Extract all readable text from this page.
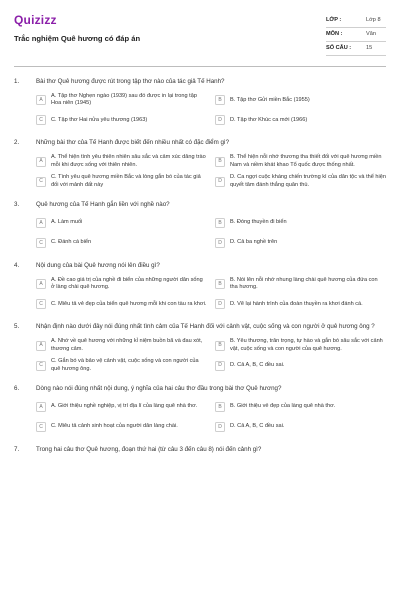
Quizizz
Trắc nghiệm Quê hương có đáp án
LỚP :	Lớp 8
MÔN :	Văn
SỐ CÂU :	15
1.	Bài thơ Quê hương được rút trong tập thơ nào của tác giả Tế Hanh?
A
A. Tập thơ Nghẹn ngào (1939) sau đó được in lại trong tập Hoa niên (1945)
B	B. Tập thơ Gửi miền Bắc (1955)
C	C. Tập thơ Hai nửa yêu thương (1963)	D	D. Tập thơ Khúc ca mới (1966)
2.	Những bài thơ của Tế Hanh được biết đến nhiều nhất có đặc điểm gì?
A
A. Thể hiện tình yêu thiên nhiên sâu sắc và cảm xúc dâng trào mỗi khi được sống với thiên nhiên.
B
B. Thể hiện nỗi nhớ thương tha thiết đối với quê hương miền Nam và niềm khát khao Tổ quốc được thống nhất.
C
C. Tình yêu quê hương miền Bắc và lòng gắn bó của tác giả đối với mảnh đất này
D
D. Ca ngợi cuộc kháng chiến trường kì của dân tộc và thể hiện quyết tâm đánh thắng quân thù.
3.	Quê hương của Tế Hanh gắn liền với nghề nào?
A	A. Làm muối	B	B. Đóng thuyền đi biển
C	C. Đánh cá biển	D	D. Cả ba nghề trên
4.	Nội dung của bài Quê hương nói lên điều gì?
A
A. Đề cao giá trị của nghề đi biển của những người dân sống ở làng chài quê hương.
B
B. Nói lên nỗi nhớ nhung làng chài quê hương của đứa con tha hương.
C	C. Miêu tả vẻ đẹp của biển quê hương mỗi khi con tàu ra khơi.	D	D. Vẽ lại hành trình của đoàn thuyền ra khơi đánh cá.
5.	Nhận định nào dưới đây nói đúng nhất tình cảm của Tế Hanh đối với cảnh vật, cuộc sống và con người ở quê hương ông ?
A
A. Nhớ về quê hương với những kỉ niệm buồn bã và đau xót, thương cảm.
B
B. Yêu thương, trân trọng, tự hào và gắn bó sâu sắc với cảnh vật, cuộc sống và con người của quê hương.
C
C. Gắn bó và bảo vệ cảnh vật, cuộc sống và con người của quê hương ông.
D	D. Cả A, B, C đều sai.
6.	Dòng nào nói đúng nhất nội dung, ý nghĩa của hai câu thơ đầu trong bài thơ Quê hương?
A	A. Giới thiệu nghề nghiệp, vị trí địa lí của làng quê nhà thơ.	B	B. Giới thiệu vẻ đẹp của làng quê nhà thơ.
C	C. Miêu tả cảnh sinh hoạt của người dân làng chài.	D	D. Cả A, B, C đều sai.
7.	Trong hai câu thơ Quê hương, đoạn thứ hai (từ câu 3 đến câu 8) nói đến cảnh gì?
